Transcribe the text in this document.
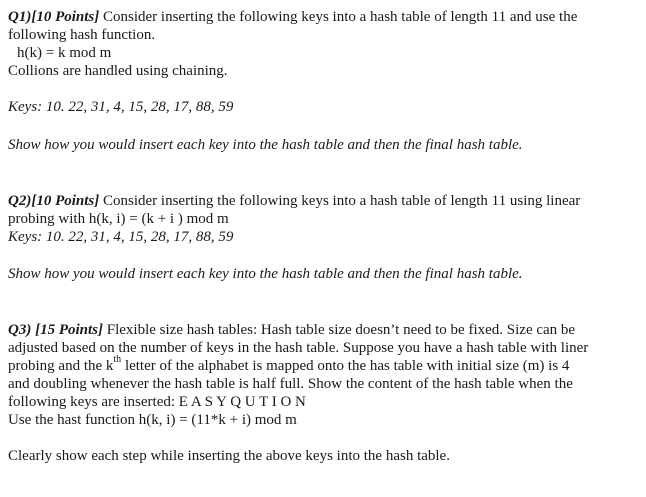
Q1)[10 Points] Consider inserting the following keys into a hash table of length 11 and use the
following hash function.
h(k) = k mod m
Collions are handled using chaining.
Keys: 10. 22, 31, 4, 15, 28, 17, 88, 59
Show how you would insert each key into the hash table and then the final hash table.
Q2)[10 Points] Consider inserting the following keys into a hash table of length 11 using linear
probing with h(k, i) = (k + i ) mod m
Keys: 10. 22, 31, 4, 15, 28, 17, 88, 59
Show how you would insert each key into the hash table and then the final hash table.
Q3) [15 Points] Flexible size hash tables: Hash table size doesn’t need to be fixed. Size can be
adjusted based on the number of keys in the hash table. Suppose you have a hash table with liner
probing and the $k^{th}$ letter of the alphabet is mapped onto the has table with initial size (m) is 4
and doubling whenever the hash table is half full. Show the content of the hash table when the
following keys are inserted: E A S Y Q U T I O N
Use the hast function h(k, i) = (11*k + i) mod m
Clearly show each step while inserting the above keys into the hash table.
